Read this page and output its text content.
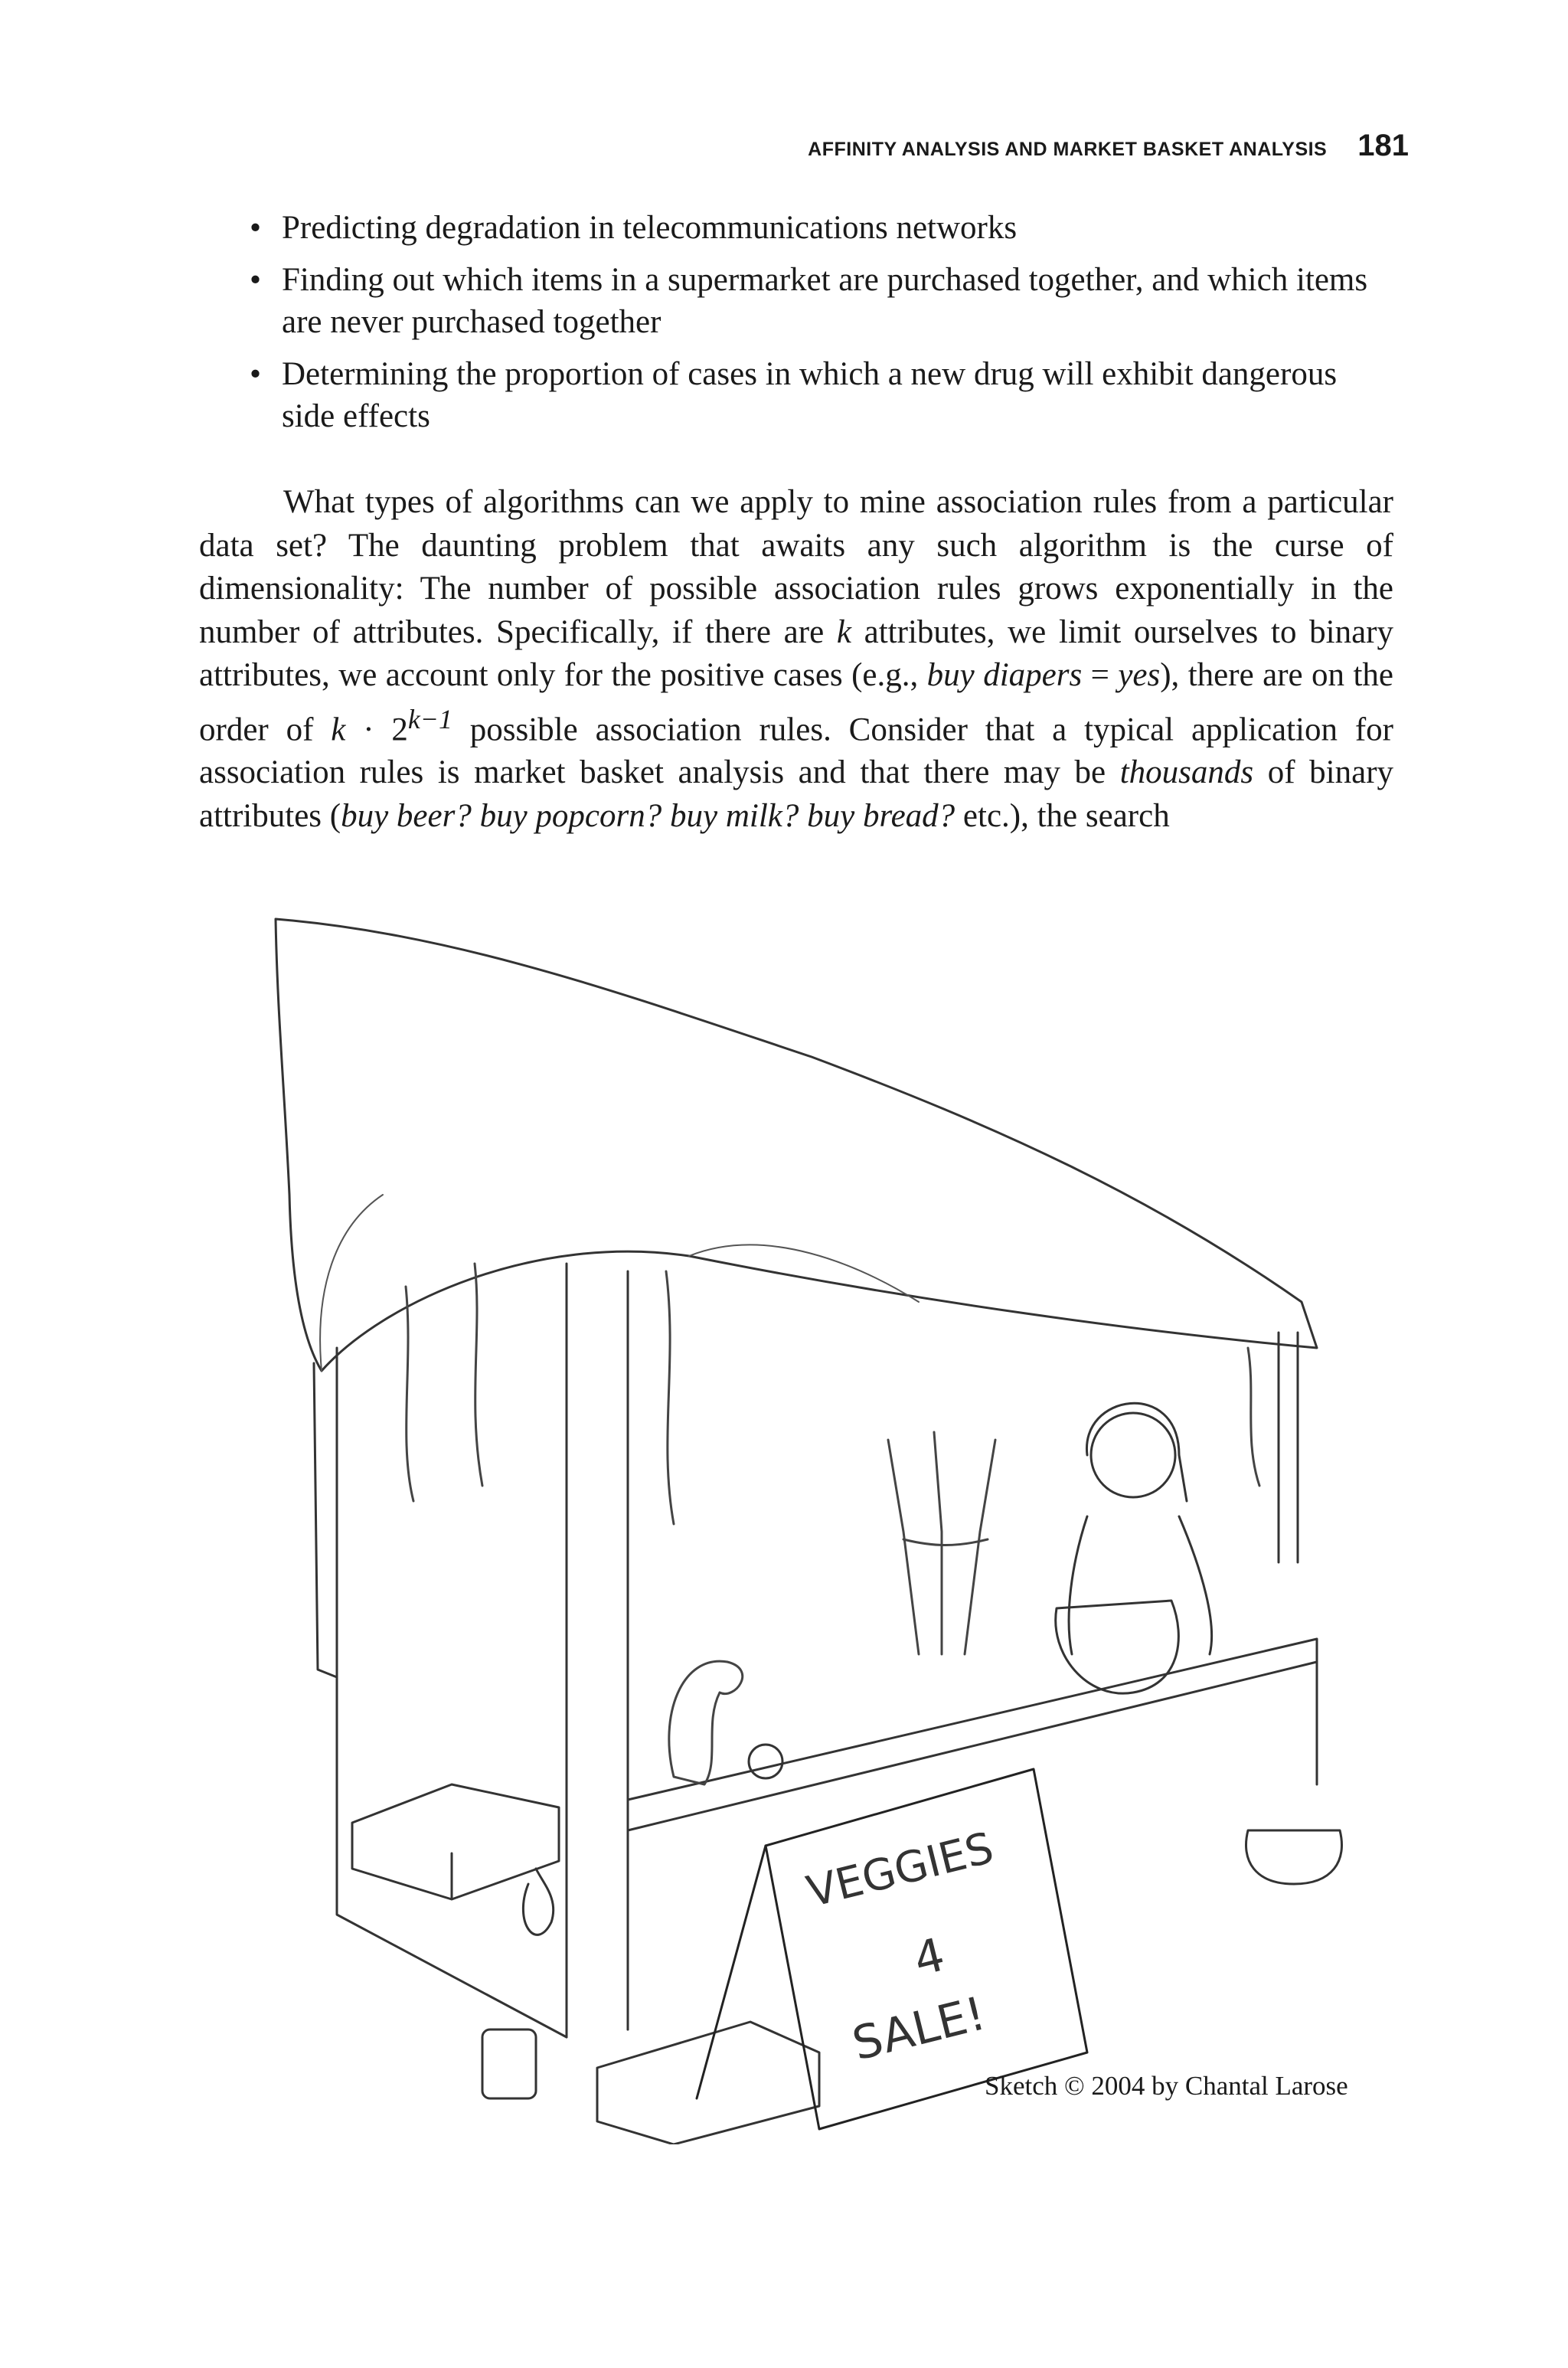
AFFINITY ANALYSIS AND MARKET BASKET ANALYSIS 181
• Predicting degradation in telecommunications networks
• Finding out which items in a supermarket are purchased together, and which items are never purchased together
• Determining the proportion of cases in which a new drug will exhibit dangerous side effects

What types of algorithms can we apply to mine association rules from a particular data set? The daunting problem that awaits any such algorithm is the curse of dimensionality: The number of possible association rules grows exponentially in the number of attributes. Specifically, if there are k attributes, we limit ourselves to binary attributes, we account only for the positive cases (e.g., buy diapers = yes), there are on the order of $k \cdot 2^{k-1}$ possible association rules. Consider that a typical application for association rules is market basket analysis and that there may be thousands of binary attributes (buy beer? buy popcorn? buy milk? buy bread? etc.), the search

VEGGIES
4
SALE!
Sketch © 2004 by Chantal Larose
